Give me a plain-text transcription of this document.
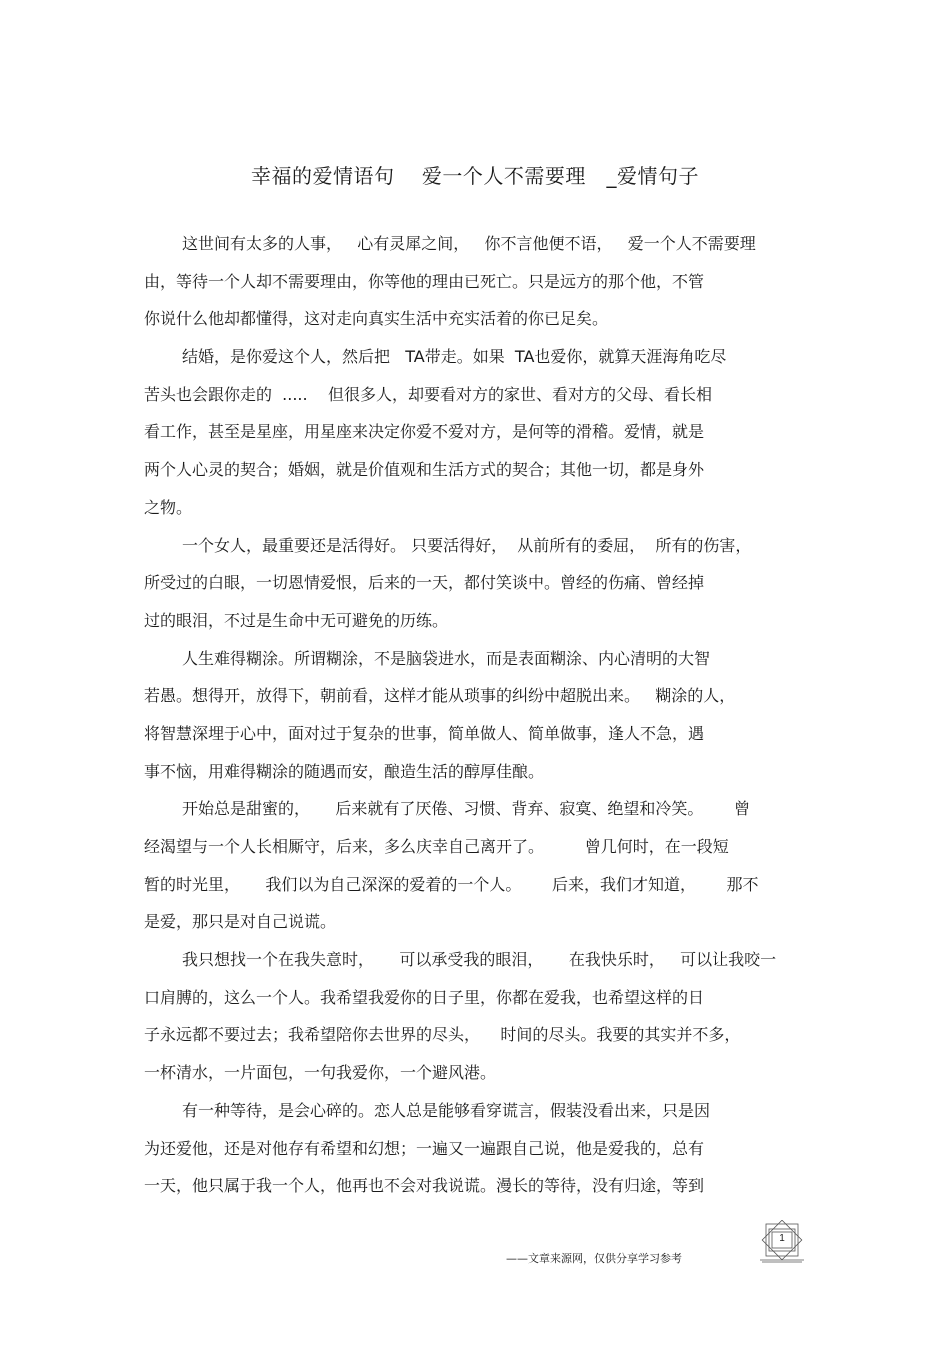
幸福的爱情语句    爱一个人不需要理   _爱情句子
这世间有太多的人事，   心有灵犀之间，   你不言他便不语，   爱一个人不需要理
由，等待一个人却不需要理由，你等他的理由已死亡。只是远方的那个他，不管
你说什么他却都懂得，这对走向真实生活中充实活着的你已足矣。
结婚，是你爱这个人，然后把   TA带走。如果  TA也爱你，就算天涯海角吃尽
苦头也会跟你走的  .....    但很多人，却要看对方的家世、看对方的父母、看长相
看工作，甚至是星座，用星座来决定你爱不爱对方，是何等的滑稽。爱情，就是
两个人心灵的契合；婚姻，就是价值观和生活方式的契合；其他一切，都是身外
之物。
一个女人，最重要还是活得好。 只要活得好，  从前所有的委屈，  所有的伤害，
所受过的白眼，一切恩情爱恨，后来的一天，都付笑谈中。曾经的伤痛、曾经掉
过的眼泪，不过是生命中无可避免的历练。
人生难得糊涂。所谓糊涂，不是脑袋进水，而是表面糊涂、内心清明的大智
若愚。想得开，放得下，朝前看，这样才能从琐事的纠纷中超脱出来。   糊涂的人，
将智慧深埋于心中，面对过于复杂的世事，简单做人、简单做事，逢人不急，遇
事不恼，用难得糊涂的随遇而安，酿造生活的醇厚佳酿。
开始总是甜蜜的，     后来就有了厌倦、习惯、背弃、寂寞、绝望和冷笑。      曾
经渴望与一个人长相厮守，后来，多么庆幸自己离开了。        曾几何时，在一段短
暂的时光里，     我们以为自己深深的爱着的一个人。      后来，我们才知道，      那不
是爱，那只是对自己说谎。
我只想找一个在我失意时，     可以承受我的眼泪，     在我快乐时，   可以让我咬一
口肩膊的，这么一个人。我希望我爱你的日子里，你都在爱我，也希望这样的日
子永远都不要过去；我希望陪你去世界的尽头，    时间的尽头。我要的其实并不多，
一杯清水，一片面包，一句我爱你，一个避风港。
有一种等待，是会心碎的。恋人总是能够看穿谎言，假装没看出来，只是因
为还爱他，还是对他存有希望和幻想；一遍又一遍跟自己说，他是爱我的，总有
一天，他只属于我一个人，他再也不会对我说谎。漫长的等待，没有归途，等到
——文章来源网，仅供分享学习参考
1
